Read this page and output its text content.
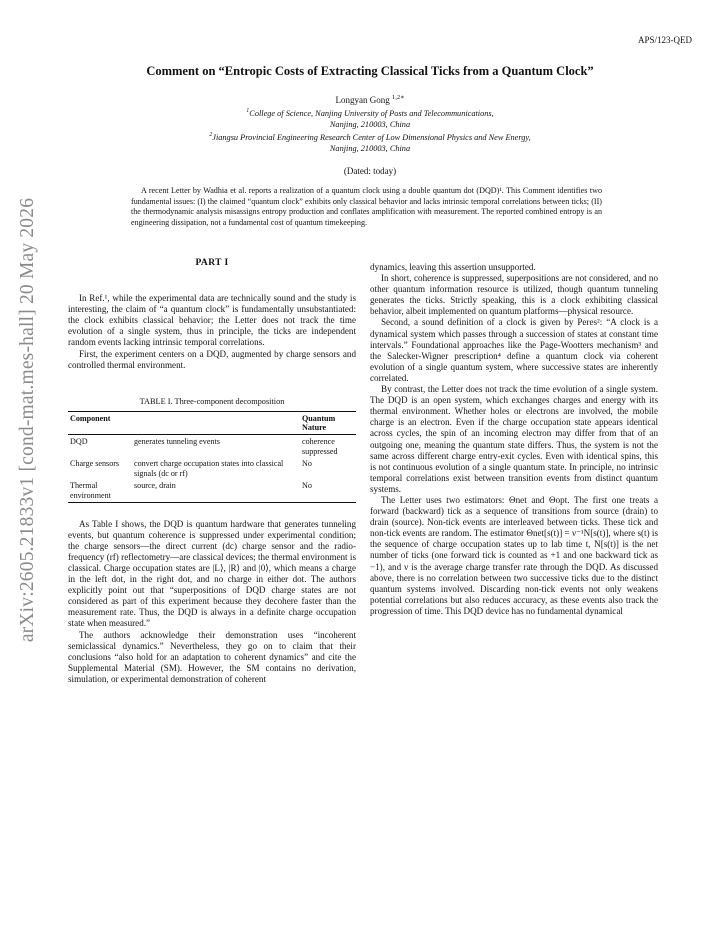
arXiv:2605.21833v1 [cond-mat.mes-hall] 20 May 2026
APS/123-QED
Comment on “Entropic Costs of Extracting Classical Ticks from a Quantum Clock”
Longyan Gong $^{1,2∗}$
$^1$College of Science, Nanjing University of Posts and Telecommunications,
Nanjing, 210003, China
$^2$Jiangsu Provincial Engineering Research Center of Low Dimensional Physics and New Energy,
Nanjing, 210003, China
(Dated: today)
A recent Letter by Wadhia et al. reports a realization of a quantum clock using a double quantum dot (DQD)¹. This Comment identifies two fundamental issues: (I) the claimed “quantum clock” exhibits only classical behavior and lacks intrinsic temporal correlations between ticks; (II) the thermodynamic analysis misassigns entropy production and conflates amplification with measurement. The reported combined entropy is an engineering dissipation, not a fundamental cost of quantum timekeeping.
PART I

In Ref.¹, while the experimental data are technically sound and the study is interesting, the claim of “a quantum clock” is fundamentally unsubstantiated: the clock exhibits classical behavior; the Letter does not track the time evolution of a single system, thus in principle, the ticks are independent random events lacking intrinsic temporal correlations.

First, the experiment centers on a DQD, augmented by charge sensors and controlled thermal environment.

TABLE I. Three-component decomposition
Component		Quantum Nature
DQD	generates tunneling events	coherence suppressed
Charge sensors	convert charge occupation states into classical signals (dc or rf)	No
Thermal environment	source, drain	No

As Table I shows, the DQD is quantum hardware that generates tunneling events, but quantum coherence is suppressed under experimental condition; the charge sensors—the direct current (dc) charge sensor and the radio-frequency (rf) reflectometry—are classical devices; the thermal environment is classical. Charge occupation states are |L⟩, |R⟩ and |0⟩, which means a charge in the left dot, in the right dot, and no charge in either dot. The authors explicitly point out that “superpositions of DQD charge states are not considered as part of this experiment because they decohere faster than the measurement rate. Thus, the DQD is always in a definite charge occupation state when measured.”

The authors acknowledge their demonstration uses “incoherent semiclassical dynamics.” Nevertheless, they go on to claim that their conclusions “also hold for an adaptation to coherent dynamics” and cite the Supplemental Material (SM). However, the SM contains no derivation, simulation, or experimental demonstration of coherent

dynamics, leaving this assertion unsupported.

In short, coherence is suppressed, superpositions are not considered, and no other quantum information resource is utilized, though quantum tunneling generates the ticks. Strictly speaking, this is a clock exhibiting classical behavior, albeit implemented on quantum platforms—physical resource.

Second, a sound definition of a clock is given by Peres²: “A clock is a dynamical system which passes through a succession of states at constant time intervals.” Foundational approaches like the Page-Wootters mechanism³ and the Salecker-Wigner prescription⁴ define a quantum clock via coherent evolution of a single quantum system, where successive states are inherently correlated.

By contrast, the Letter does not track the time evolution of a single system. The DQD is an open system, which exchanges charges and energy with its thermal environment. Whether holes or electrons are involved, the mobile charge is an electron. Even if the charge occupation state appears identical across cycles, the spin of an incoming electron may differ from that of an outgoing one, meaning the quantum state differs. Thus, the system is not the same across different charge entry-exit cycles. Even with identical spins, this is not continuous evolution of a single quantum state. In principle, no intrinsic temporal correlations exist between transition events from distinct quantum systems.

The Letter uses two estimators: Θnet and Θopt. The first one treats a forward (backward) tick as a sequence of transitions from source (drain) to drain (source). Non-tick events are interleaved between ticks. These tick and non-tick events are random. The estimator Θnet[s(t)] = ν⁻¹N[s(t)], where s(t) is the sequence of charge occupation states up to lab time t, N[s(t)] is the net number of ticks (one forward tick is counted as +1 and one backward tick as −1), and ν is the average charge transfer rate through the DQD. As discussed above, there is no correlation between two successive ticks due to the distinct quantum systems involved. Discarding non-tick events not only weakens potential correlations but also reduces accuracy, as these events also track the progression of time. This DQD device has no fundamental dynamical
